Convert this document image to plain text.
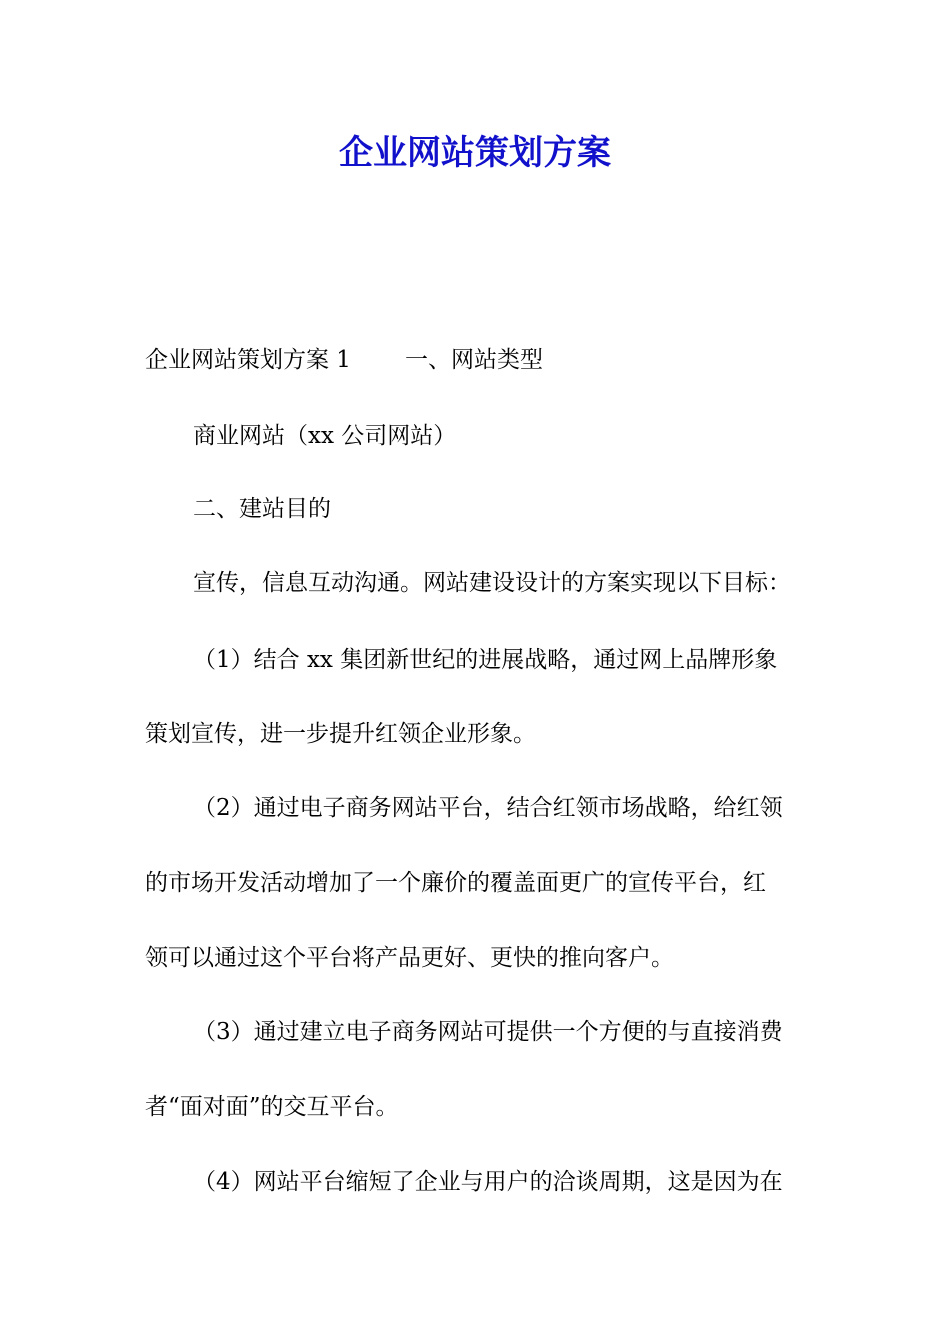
企业网站策划方案
企业网站策划方案 1 一、网站类型
商业网站（xx 公司网站）
二、建站目的
宣传，信息互动沟通。网站建设设计的方案实现以下目标：
（1）结合 xx 集团新世纪的进展战略，通过网上品牌形象
策划宣传，进一步提升红领企业形象。
（2）通过电子商务网站平台，结合红领市场战略，给红领
的市场开发活动增加了一个廉价的覆盖面更广的宣传平台，红
领可以通过这个平台将产品更好、更快的推向客户。
（3）通过建立电子商务网站可提供一个方便的与直接消费
者“面对面”的交互平台。
（4）网站平台缩短了企业与用户的洽谈周期，这是因为在
